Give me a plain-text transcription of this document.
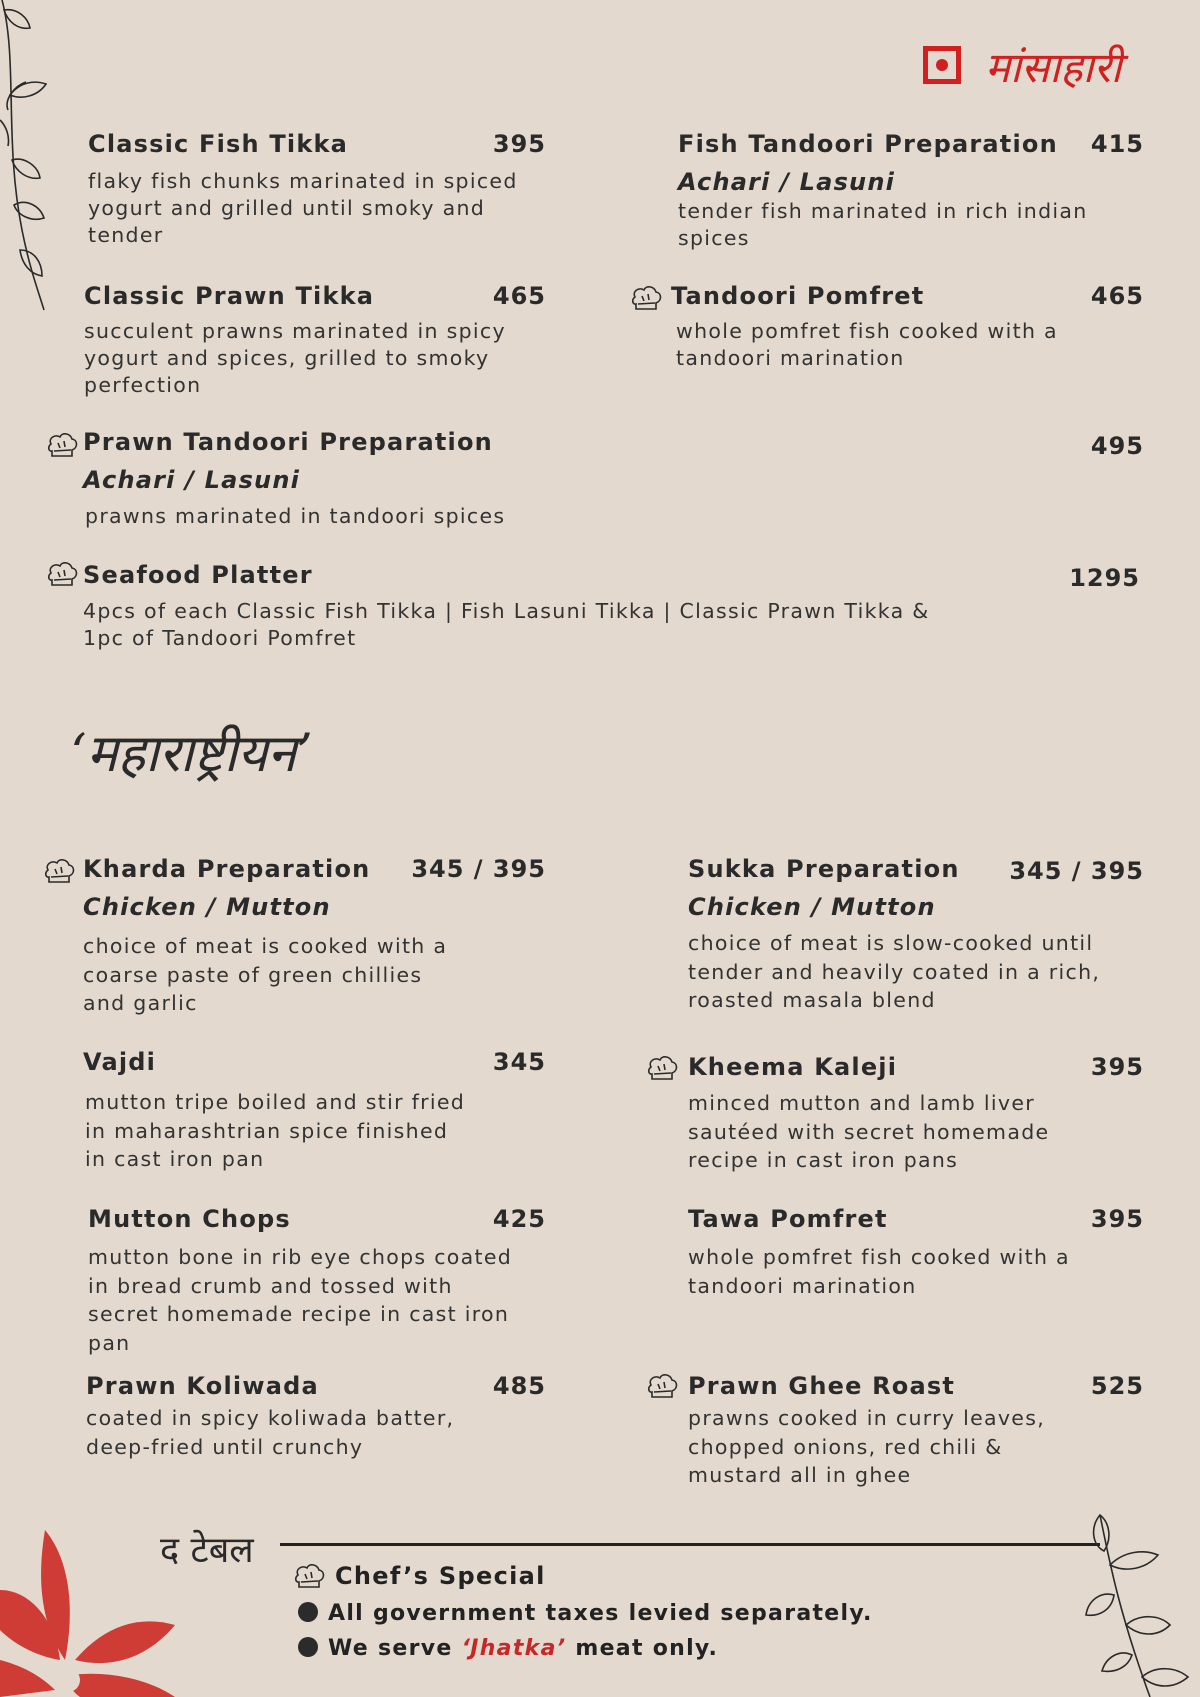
मांसाहारी
Classic Fish Tikka	395
flaky fish chunks marinated in spiced
yogurt and grilled until smoky and
tender
Fish Tandoori Preparation	415
Achari / Lasuni
tender fish marinated in rich indian
spices
Classic Prawn Tikka	465
succulent prawns marinated in spicy
yogurt and spices, grilled to smoky
perfection
Tandoori Pomfret	465
whole pomfret fish cooked with a
tandoori marination
Prawn Tandoori Preparation	495
Achari / Lasuni
prawns marinated in tandoori spices
Seafood Platter	1295
4pcs of each Classic Fish Tikka | Fish Lasuni Tikka | Classic Prawn Tikka &
1pc of Tandoori Pomfret
‘महाराष्ट्रीयन’
Kharda Preparation	345 / 395
Chicken / Mutton
choice of meat is cooked with a
coarse paste of green chillies
and garlic
Sukka Preparation	345 / 395
Chicken / Mutton
choice of meat is slow-cooked until
tender and heavily coated in a rich,
roasted masala blend
Vajdi	345
mutton tripe boiled and stir fried
in maharashtrian spice finished
in cast iron pan
Kheema Kaleji	395
minced mutton and lamb liver
sautéed with secret homemade
recipe in cast iron pans
Mutton Chops	425
mutton bone in rib eye chops coated
in bread crumb and tossed with
secret homemade recipe in cast iron
pan
Tawa Pomfret	395
whole pomfret fish cooked with a
tandoori marination
Prawn Koliwada	485
coated in spicy koliwada batter,
deep-fried until crunchy
Prawn Ghee Roast	525
prawns cooked in curry leaves,
chopped onions, red chili &
mustard all in ghee
द टेबल
Chef’s Special
All government taxes levied separately.
We serve ‘Jhatka’ meat only.
